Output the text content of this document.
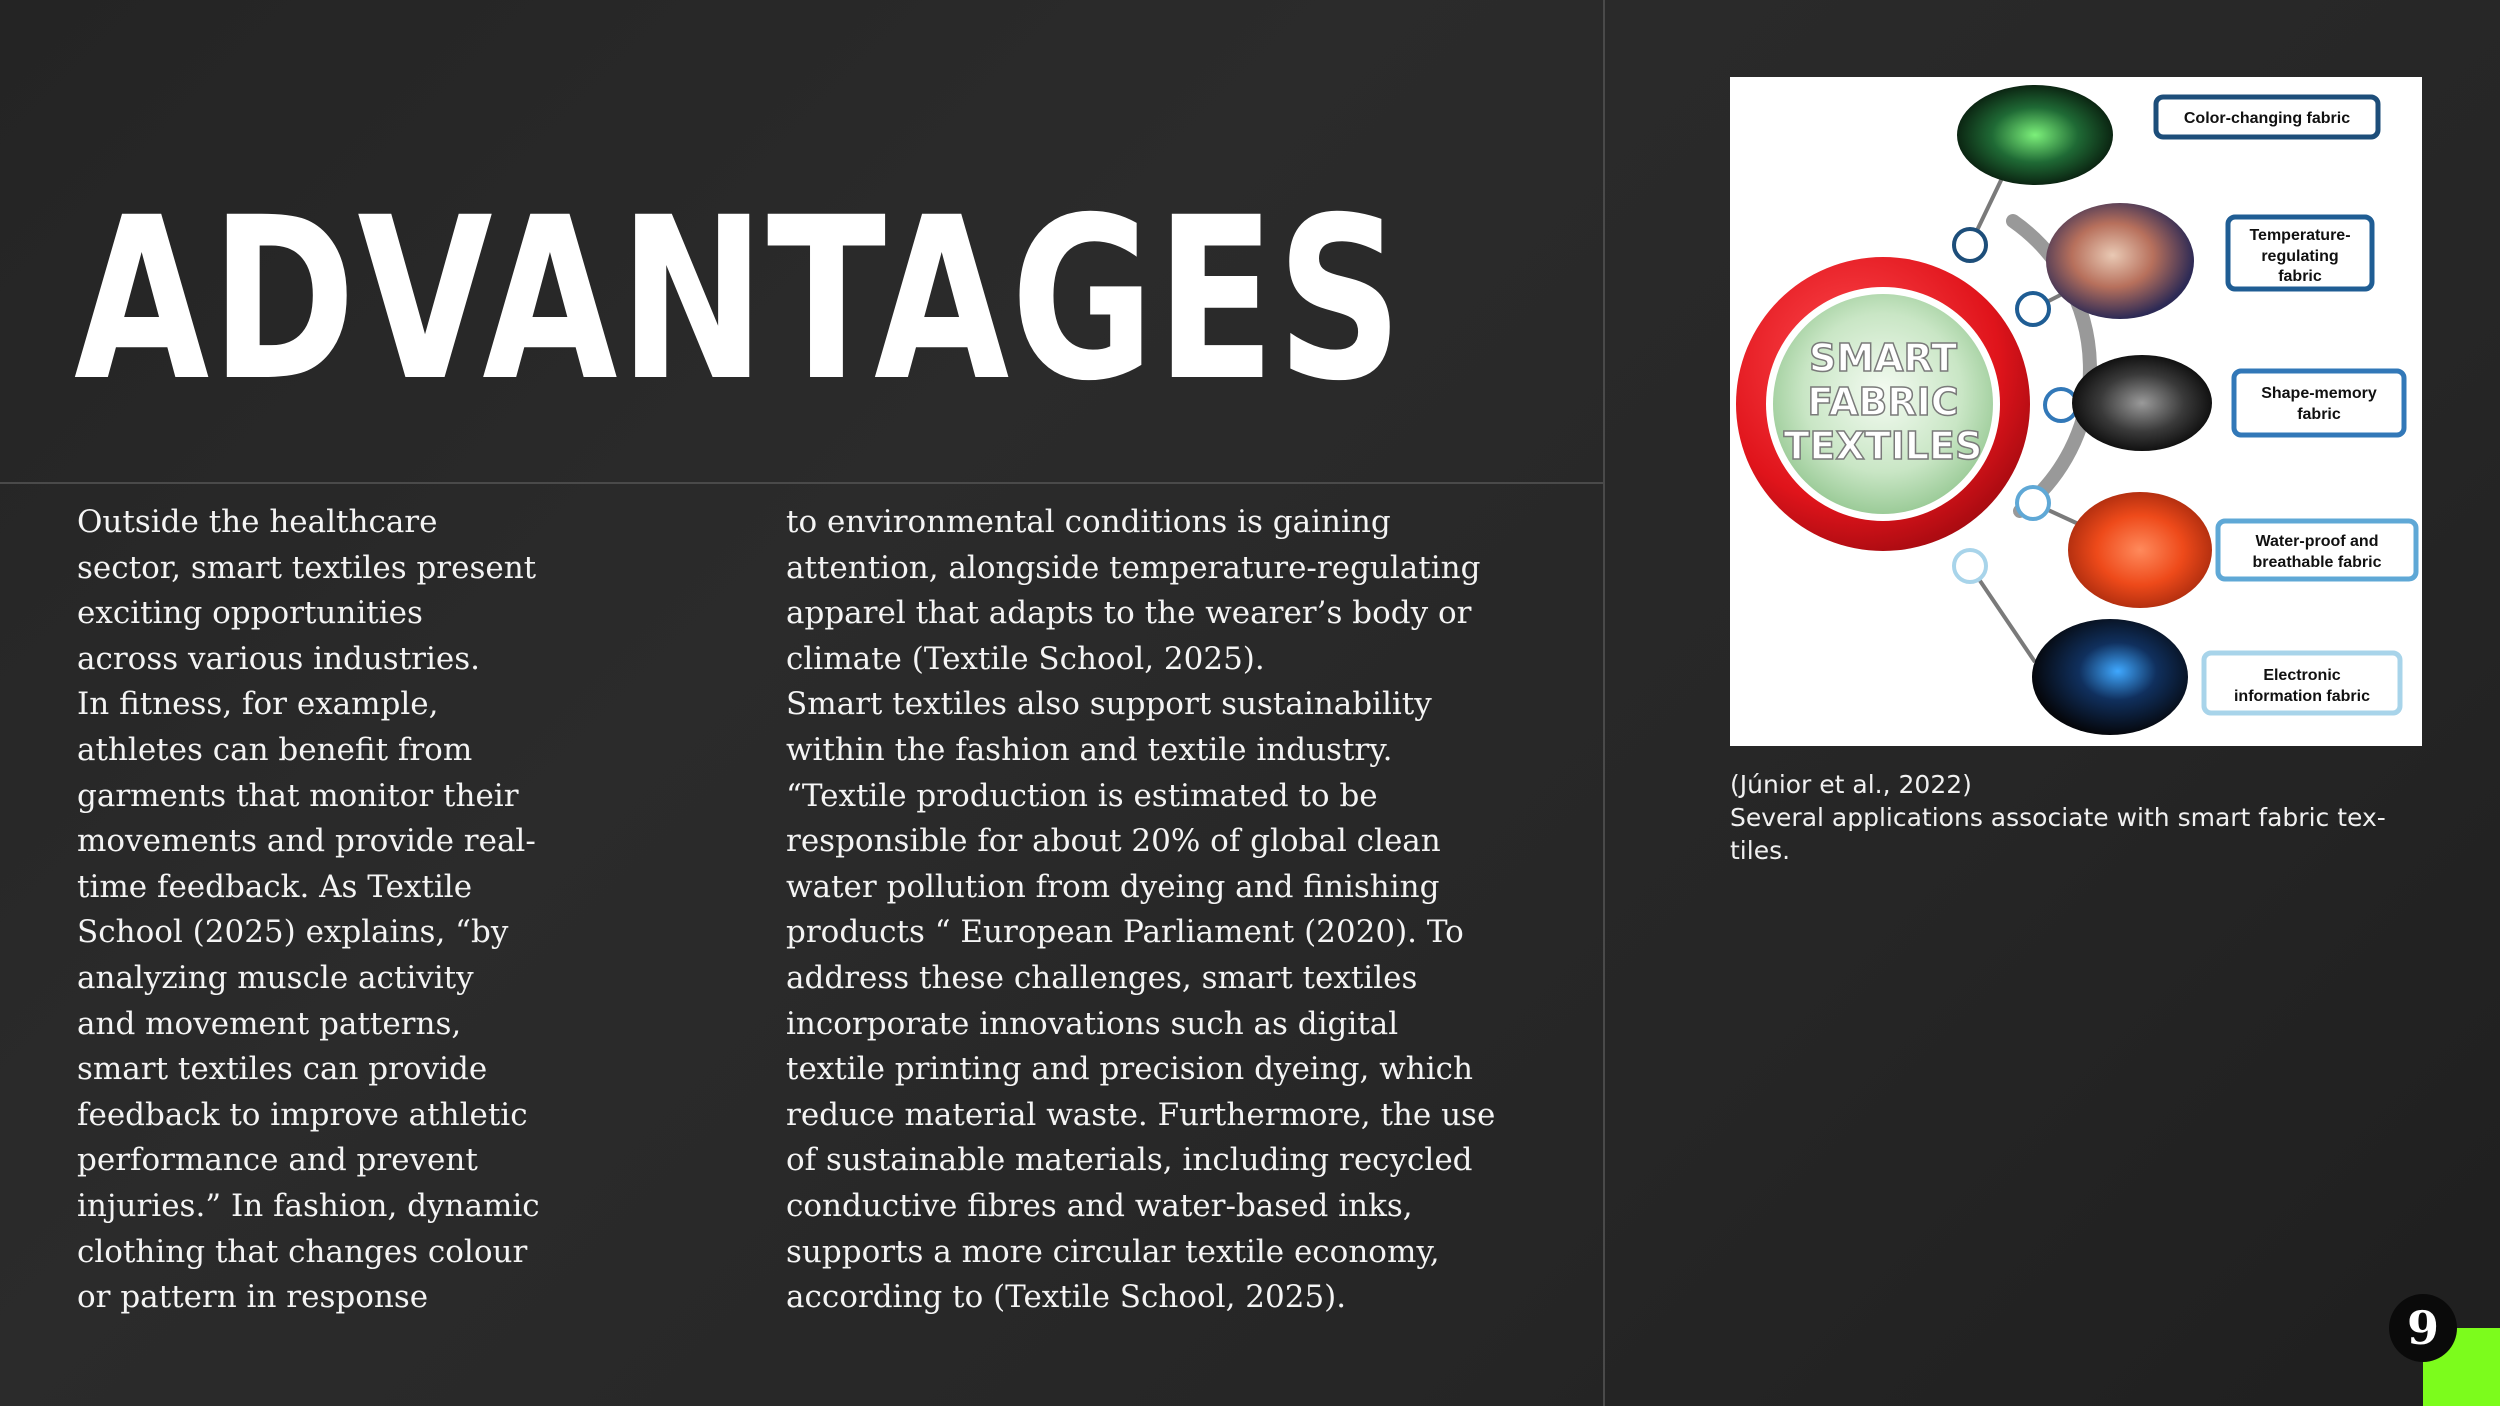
ADVANTAGES
Outside the healthcare
sector, smart textiles present
exciting opportunities
across various industries.
In fitness, for example,
athletes can benefit from
garments that monitor their
movements and provide real-
time feedback. As Textile
School (2025) explains, “by
analyzing muscle activity
and movement patterns,
smart textiles can provide
feedback to improve athletic
performance and prevent
injuries.” In fashion, dynamic
clothing that changes colour
or pattern in response
to environmental conditions is gaining
attention, alongside temperature-regulating
apparel that adapts to the wearer’s body or
climate (Textile School, 2025).
Smart textiles also support sustainability
within the fashion and textile industry.
“Textile production is estimated to be
responsible for about 20% of global clean
water pollution from dyeing and finishing
products “ European Parliament (2020). To
address these challenges, smart textiles
incorporate innovations such as digital
textile printing and precision dyeing, which
reduce material waste. Furthermore, the use
of sustainable materials, including recycled
conductive fibres and water-based inks,
supports a more circular textile economy,
according to (Textile School, 2025).
Color-changing fabric
Temperature-
regulating
fabric
Shape-memory
fabric
Water-proof and
breathable fabric
Electronic
information fabric
SMART
FABRIC
TEXTILES
(Júnior et al., 2022)
Several applications associate with smart fabric tex-
tiles.
9
